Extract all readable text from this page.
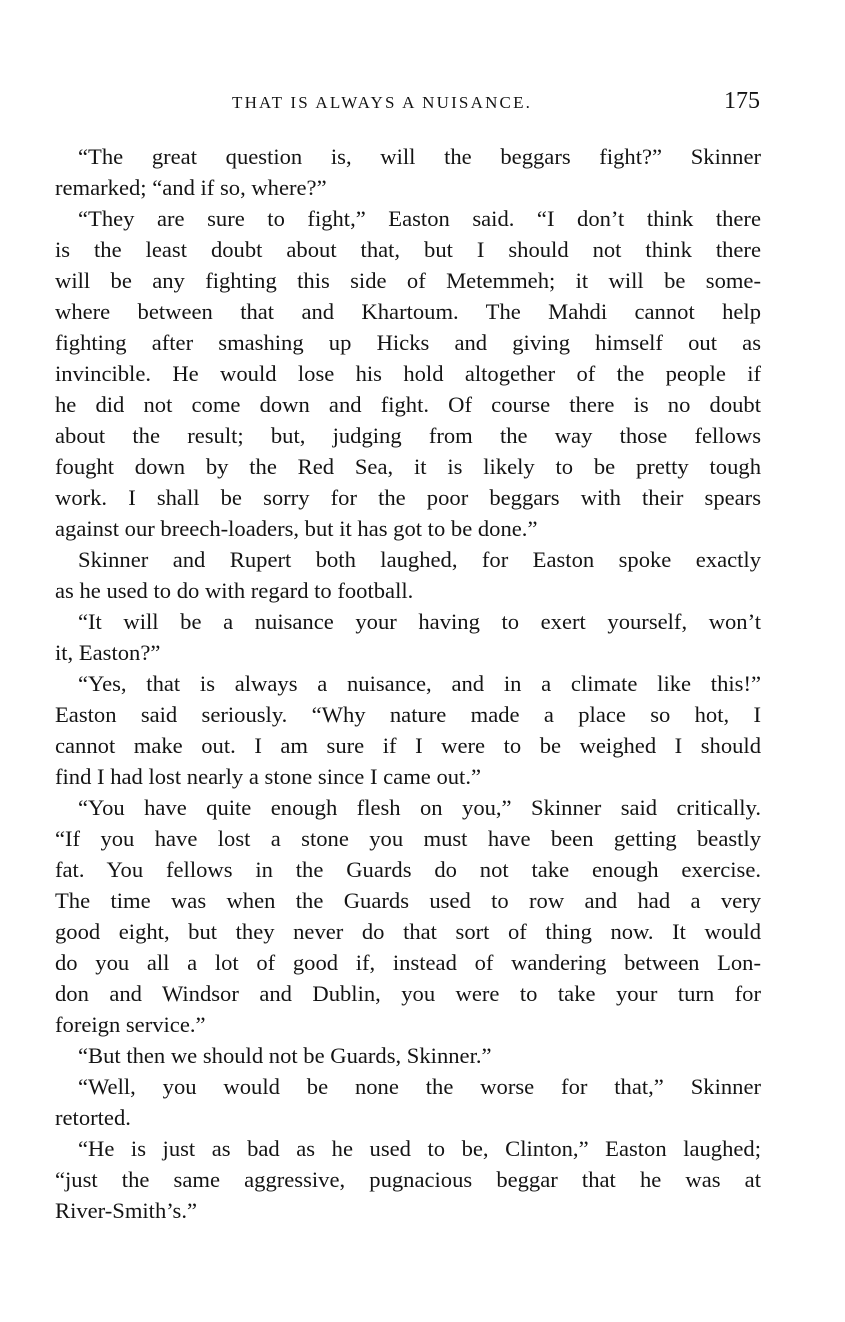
THAT IS ALWAYS A NUISANCE.	175
“The great question is, will the beggars fight?” Skinner
remarked; “and if so, where?”
“They are sure to fight,” Easton said. “I don’t think there
is the least doubt about that, but I should not think there
will be any fighting this side of Metemmeh; it will be some-
where between that and Khartoum. The Mahdi cannot help
fighting after smashing up Hicks and giving himself out as
invincible. He would lose his hold altogether of the people if
he did not come down and fight. Of course there is no doubt
about the result; but, judging from the way those fellows
fought down by the Red Sea, it is likely to be pretty tough
work. I shall be sorry for the poor beggars with their spears
against our breech-loaders, but it has got to be done.”
Skinner and Rupert both laughed, for Easton spoke exactly
as he used to do with regard to football.
“It will be a nuisance your having to exert yourself, won’t
it, Easton?”
“Yes, that is always a nuisance, and in a climate like this!”
Easton said seriously. “Why nature made a place so hot, I
cannot make out. I am sure if I were to be weighed I should
find I had lost nearly a stone since I came out.”
“You have quite enough flesh on you,” Skinner said critically.
“If you have lost a stone you must have been getting beastly
fat. You fellows in the Guards do not take enough exercise.
The time was when the Guards used to row and had a very
good eight, but they never do that sort of thing now. It would
do you all a lot of good if, instead of wandering between Lon-
don and Windsor and Dublin, you were to take your turn for
foreign service.”
“But then we should not be Guards, Skinner.”
“Well, you would be none the worse for that,” Skinner
retorted.
“He is just as bad as he used to be, Clinton,” Easton laughed;
“just the same aggressive, pugnacious beggar that he was at
River-Smith’s.”
